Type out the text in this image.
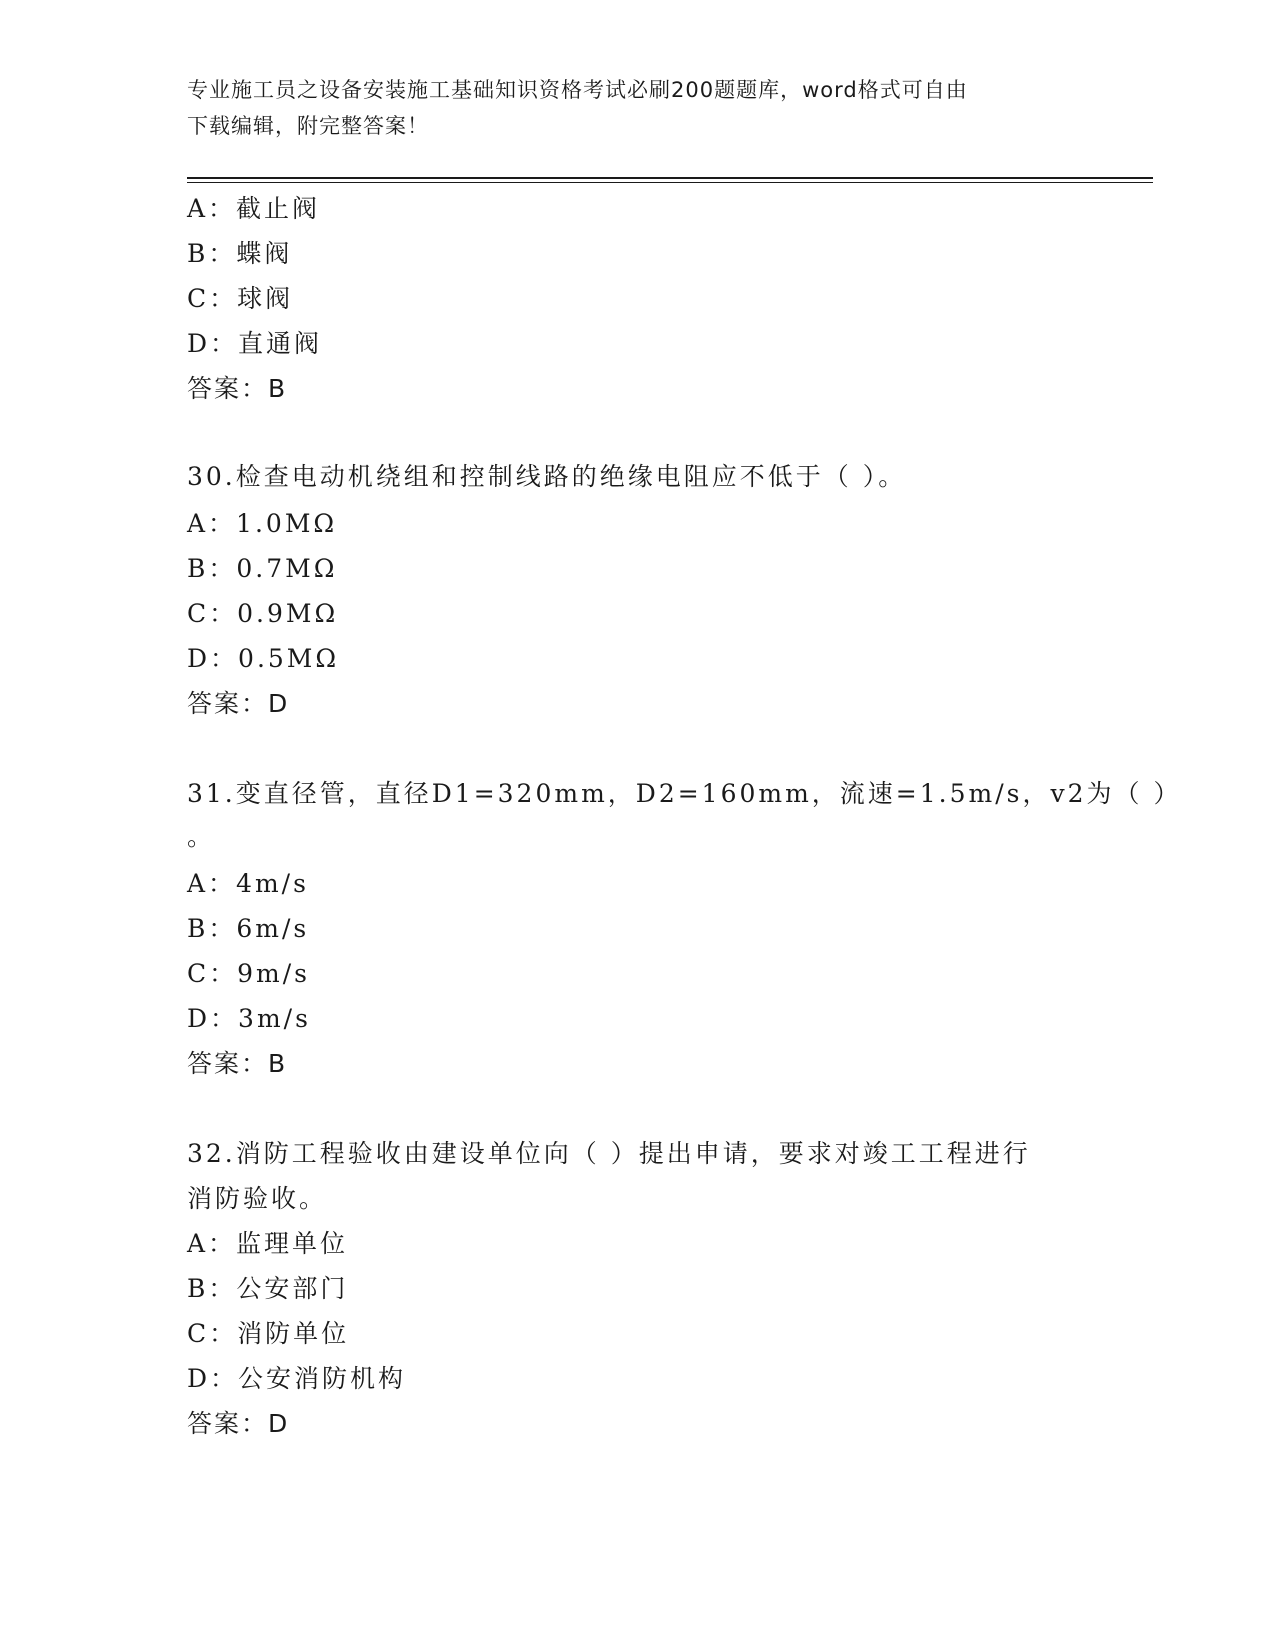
专业施工员之设备安装施工基础知识资格考试必刷200题题库，word格式可自由
下载编辑，附完整答案！
A：截止阀
B：蝶阀
C：球阀
D：直通阀
答案：B
30.检查电动机绕组和控制线路的绝缘电阻应不低于（ ）。
A：1.0MΩ
B：0.7MΩ
C：0.9MΩ
D：0.5MΩ
答案：D
31.变直径管，直径D1=320mm，D2=160mm，流速=1.5m/s，v2为（ ）
。
A：4m/s
B：6m/s
C：9m/s
D：3m/s
答案：B
32.消防工程验收由建设单位向（ ）提出申请，要求对竣工工程进行
消防验收。
A：监理单位
B：公安部门
C：消防单位
D：公安消防机构
答案：D
